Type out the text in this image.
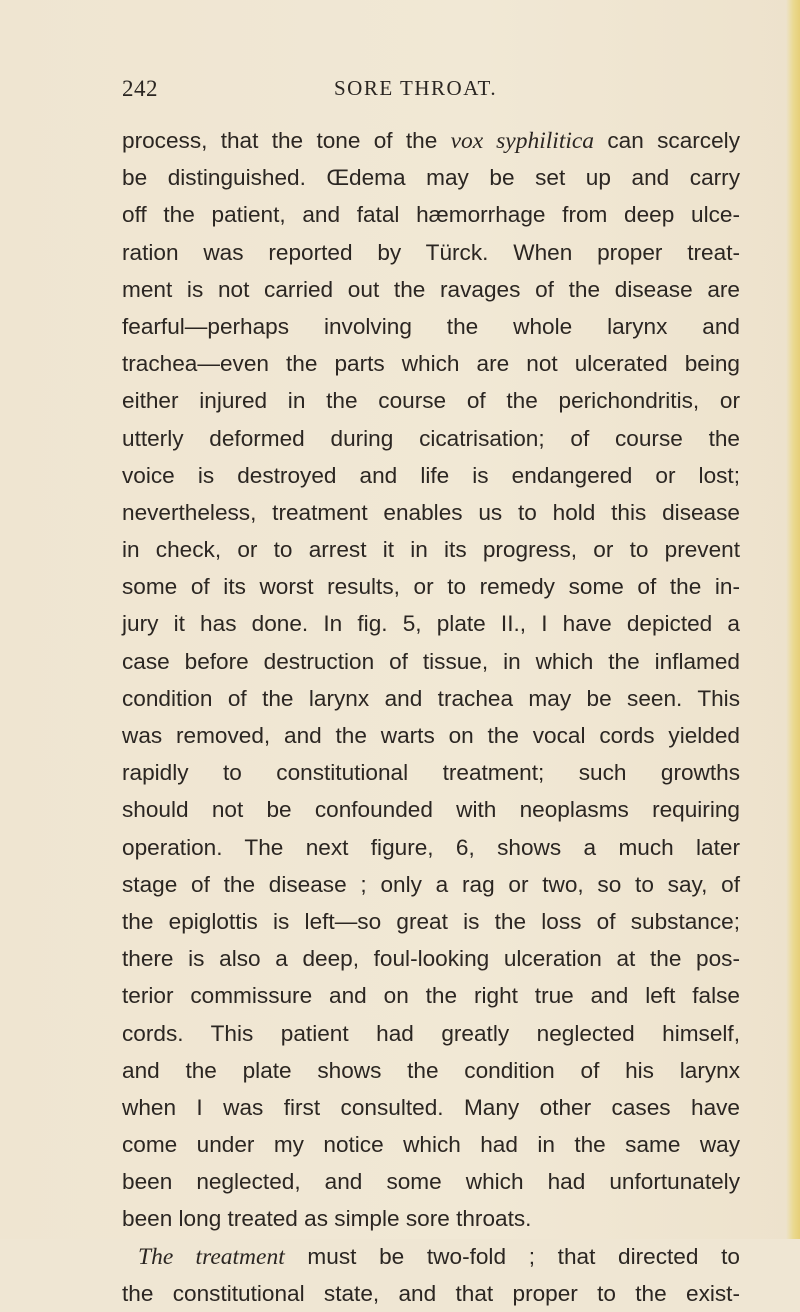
242	SORE THROAT.
process, that the tone of the vox syphilitica can scarcely
be distinguished. Œdema may be set up and carry
off the patient, and fatal hæmorrhage from deep ulce-
ration was reported by Türck. When proper treat-
ment is not carried out the ravages of the disease are
fearful—perhaps involving the whole larynx and
trachea—even the parts which are not ulcerated being
either injured in the course of the perichondritis, or
utterly deformed during cicatrisation; of course the
voice is destroyed and life is endangered or lost;
nevertheless, treatment enables us to hold this disease
in check, or to arrest it in its progress, or to prevent
some of its worst results, or to remedy some of the in-
jury it has done. In fig. 5, plate II., I have depicted a
case before destruction of tissue, in which the inflamed
condition of the larynx and trachea may be seen. This
was removed, and the warts on the vocal cords yielded
rapidly to constitutional treatment; such growths
should not be confounded with neoplasms requiring
operation. The next figure, 6, shows a much later
stage of the disease ; only a rag or two, so to say, of
the epiglottis is left—so great is the loss of substance;
there is also a deep, foul-looking ulceration at the pos-
terior commissure and on the right true and left false
cords. This patient had greatly neglected himself,
and the plate shows the condition of his larynx
when I was first consulted. Many other cases have
come under my notice which had in the same way
been neglected, and some which had unfortunately
been long treated as simple sore throats.
The treatment must be two-fold ; that directed to
the constitutional state, and that proper to the exist-
